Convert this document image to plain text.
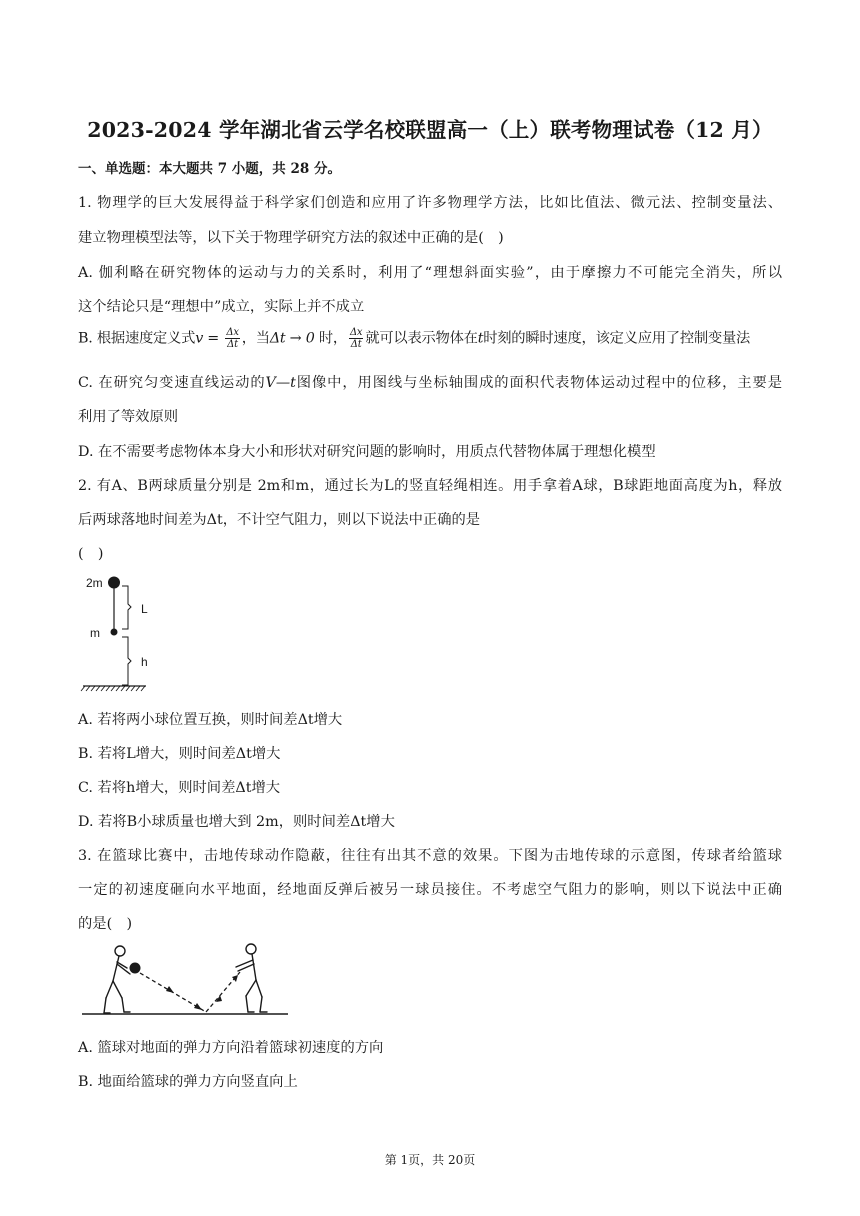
2023-2024 学年湖北省云学名校联盟高一（上）联考物理试卷（12 月）
一、单选题：本大题共 7 小题，共 28 分。
1. 物理学的巨大发展得益于科学家们创造和应用了许多物理学方法，比如比值法、微元法、控制变量法、
建立物理模型法等，以下关于物理学研究方法的叙述中正确的是(　)
A. 伽利略在研究物体的运动与力的关系时，利用了“理想斜面实验”，由于摩擦力不可能完全消失，所以
这个结论只是“理想中”成立，实际上并不成立
B. 根据速度定义式$v = \frac{\Delta x}{\Delta t}$ ，当Δt → 0 时， $\frac{\Delta x}{\Delta t}$ 就可以表示物体在t时刻的瞬时速度，该定义应用了控制变量法
C. 在研究匀变速直线运动的V—t图像中，用图线与坐标轴围成的面积代表物体运动过程中的位移，主要是
利用了等效原则
D. 在不需要考虑物体本身大小和形状对研究问题的影响时，用质点代替物体属于理想化模型
2. 有A、B两球质量分别是 2m和m，通过长为L的竖直轻绳相连。用手拿着A球，B球距地面高度为h，释放
后两球落地时间差为Δt，不计空气阻力，则以下说法中正确的是
(　)
2m
m
L
h
A. 若将两小球位置互换，则时间差Δt增大
B. 若将L增大，则时间差Δt增大
C. 若将h增大，则时间差Δt增大
D. 若将B小球质量也增大到 2m，则时间差Δt增大
3. 在篮球比赛中，击地传球动作隐蔽，往往有出其不意的效果。下图为击地传球的示意图，传球者给篮球
一定的初速度砸向水平地面，经地面反弹后被另一球员接住。不考虑空气阻力的影响，则以下说法中正确
的是(　)
A. 篮球对地面的弹力方向沿着篮球初速度的方向
B. 地面给篮球的弹力方向竖直向上
第 1页，共 20页
